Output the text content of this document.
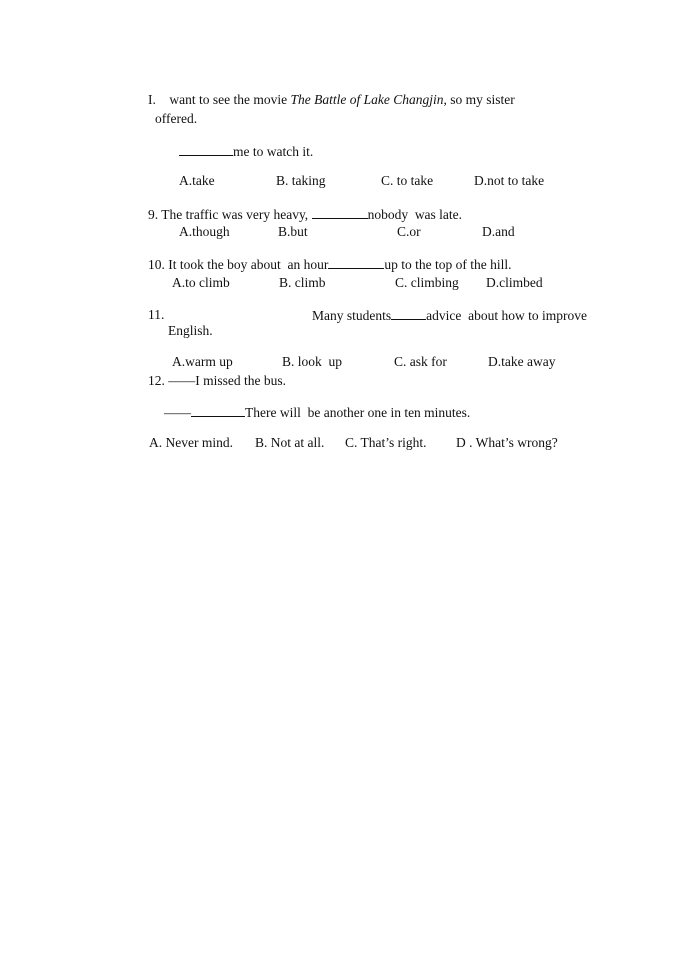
I.    want to see the movie The Battle of Lake Changjin, so my sister
offered.
me to watch it.
A.take	B. taking	C. to take	D.not to take
9. The traffic was very heavy,	nobody  was late.
A.though	B.but	C.or	D.and
10. It took the boy about  an hour	up to the top of the hill.
A.to climb	B. climb	C. climbing D.climbed
11.	Many students	advice  about how to improve
English.
A.warm up	B. look  up	C. ask for	D.take away
12. ——I missed the bus.
——	There will  be another one in ten minutes.
A. Never mind. B. Not at all. C. That’s right. D . What’s wrong?
